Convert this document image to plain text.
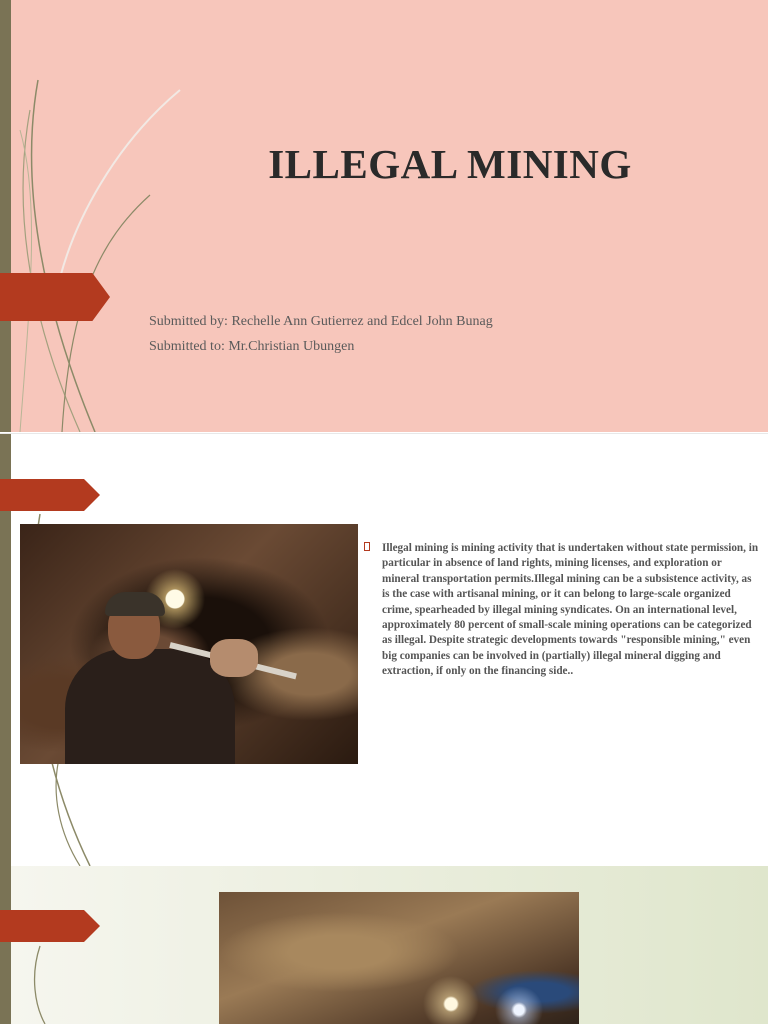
ILLEGAL MINING
Submitted by: Rechelle Ann Gutierrez and Edcel John Bunag
Submitted to: Mr.Christian Ubungen
Illegal mining is mining activity that is undertaken without state permission, in particular in absence of land rights, mining licenses, and exploration or mineral transportation permits.Illegal mining can be a subsistence activity, as is the case with artisanal mining, or it can belong to large-scale organized crime, spearheaded by illegal mining syndicates. On an international level, approximately 80 percent of small-scale mining operations can be categorized as illegal. Despite strategic developments towards "responsible mining," even big companies can be involved in (partially) illegal mineral digging and extraction, if only on the financing side..
